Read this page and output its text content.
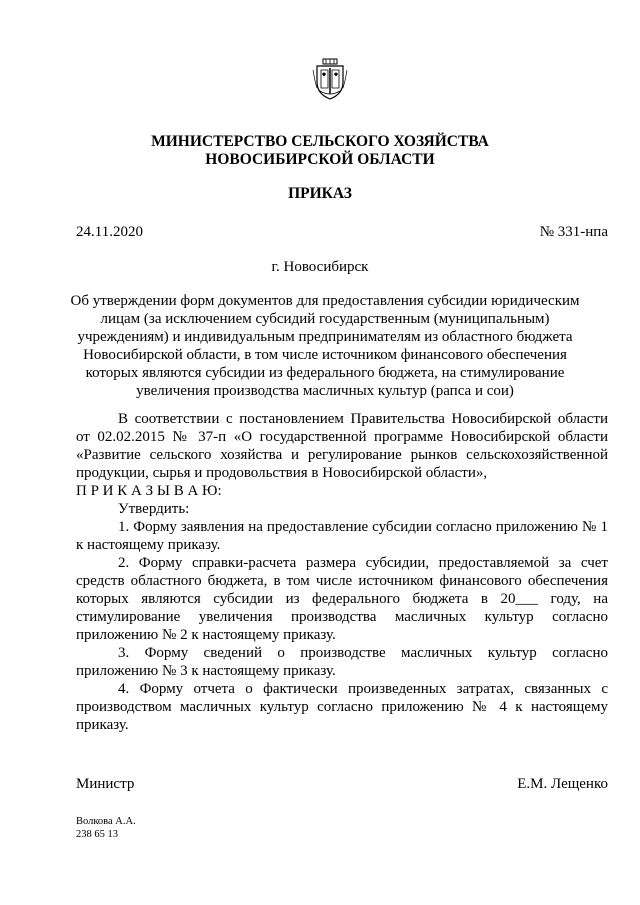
МИНИСТЕРСТВО СЕЛЬСКОГО ХОЗЯЙСТВА
НОВОСИБИРСКОЙ ОБЛАСТИ
ПРИКАЗ
24.11.2020	№ 331-нпа
г. Новосибирск
Об утверждении форм документов для предоставления субсидии юридическим
лицам (за исключением субсидий государственным (муниципальным)
учреждениям) и индивидуальным предпринимателям из областного бюджета
Новосибирской области, в том числе источником финансового обеспечения
которых являются субсидии из федерального бюджета, на стимулирование
увеличения производства масличных культур (рапса и сои)

В соответствии с постановлением Правительства Новосибирской области от 02.02.2015 № 37-п «О государственной программе Новосибирской области «Развитие сельского хозяйства и регулирование рынков сельскохозяйственной продукции, сырья и продовольствия в Новосибирской области»,

П Р И К А З Ы В А Ю:

Утвердить:

1. Форму заявления на предоставление субсидии согласно приложению № 1 к настоящему приказу.

2. Форму справки-расчета размера субсидии, предоставляемой за счет средств областного бюджета, в том числе источником финансового обеспечения которых являются субсидии из федерального бюджета в 20___ году, на стимулирование увеличения производства масличных культур согласно приложению № 2 к настоящему приказу.

3. Форму сведений о производстве масличных культур согласно приложению № 3 к настоящему приказу.

4. Форму отчета о фактически произведенных затратах, связанных с производством масличных культур согласно приложению № 4 к настоящему приказу.

Министр	Е.М. Лещенко
Волкова А.А.
238 65 13
